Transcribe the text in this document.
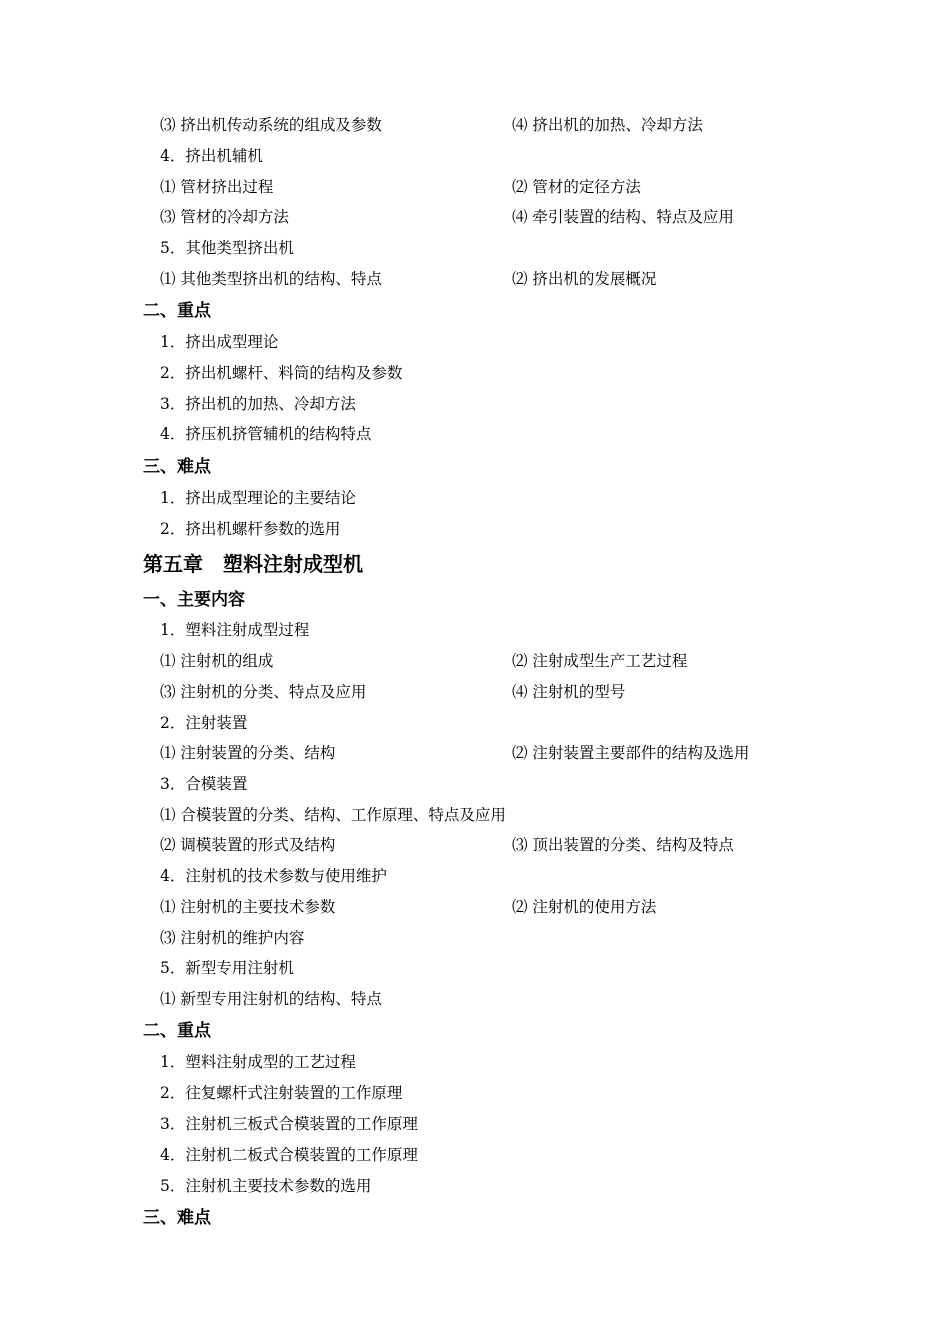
⑶ 挤出机传动系统的组成及参数	⑷ 挤出机的加热、冷却方法
4．挤出机辅机
⑴ 管材挤出过程	⑵ 管材的定径方法
⑶ 管材的冷却方法	⑷ 牵引装置的结构、特点及应用
5．其他类型挤出机
⑴ 其他类型挤出机的结构、特点	⑵ 挤出机的发展概况
二、重点
1．挤出成型理论
2．挤出机螺杆、料筒的结构及参数
3．挤出机的加热、冷却方法
4．挤压机挤管辅机的结构特点
三、难点
1．挤出成型理论的主要结论
2．挤出机螺杆参数的选用
第五章　塑料注射成型机
一、主要内容
1．塑料注射成型过程
⑴ 注射机的组成	⑵ 注射成型生产工艺过程
⑶ 注射机的分类、特点及应用	⑷ 注射机的型号
2．注射装置
⑴ 注射装置的分类、结构	⑵ 注射装置主要部件的结构及选用
3．合模装置
⑴ 合模装置的分类、结构、工作原理、特点及应用
⑵ 调模装置的形式及结构	⑶ 顶出装置的分类、结构及特点
4．注射机的技术参数与使用维护
⑴ 注射机的主要技术参数	⑵ 注射机的使用方法
⑶ 注射机的维护内容
5．新型专用注射机
⑴ 新型专用注射机的结构、特点
二、重点
1．塑料注射成型的工艺过程
2．往复螺杆式注射装置的工作原理
3．注射机三板式合模装置的工作原理
4．注射机二板式合模装置的工作原理
5．注射机主要技术参数的选用
三、难点
